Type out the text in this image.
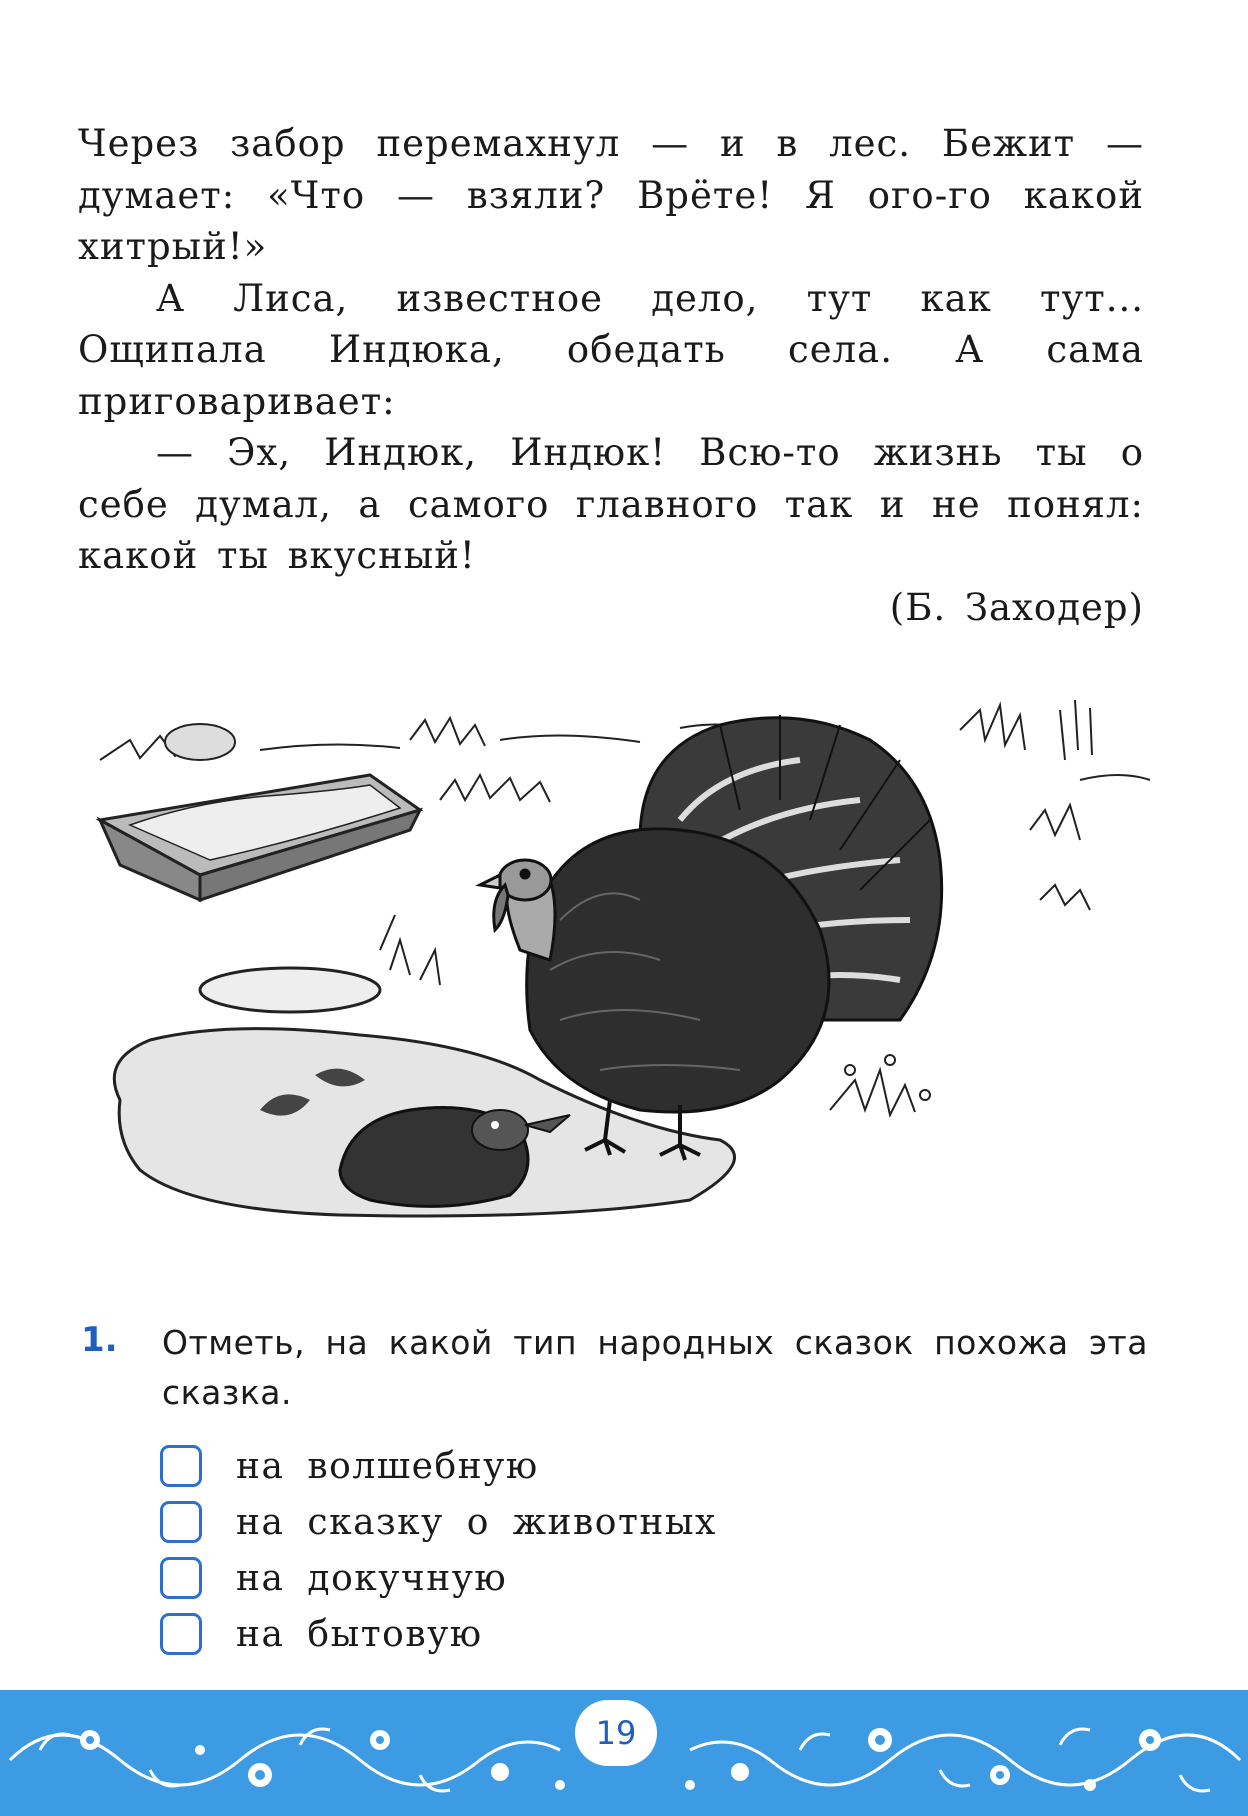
Через забор перемахнул — и в лес. Бежит — думает: «Что — взяли? Врёте! Я ого-го какой хитрый!»

А Лиса, известное дело, тут как тут... Ощипала Индюка, обедать села. А сама приговаривает:

— Эх, Индюк, Индюк! Всю-то жизнь ты о себе думал, а самого главного так и не понял: какой ты вкусный!

(Б. Заходер)

1. Отметь, на какой тип народных сказок похожа эта сказка.
на волшебную
на сказку о животных
на докучную
на бытовую
19
